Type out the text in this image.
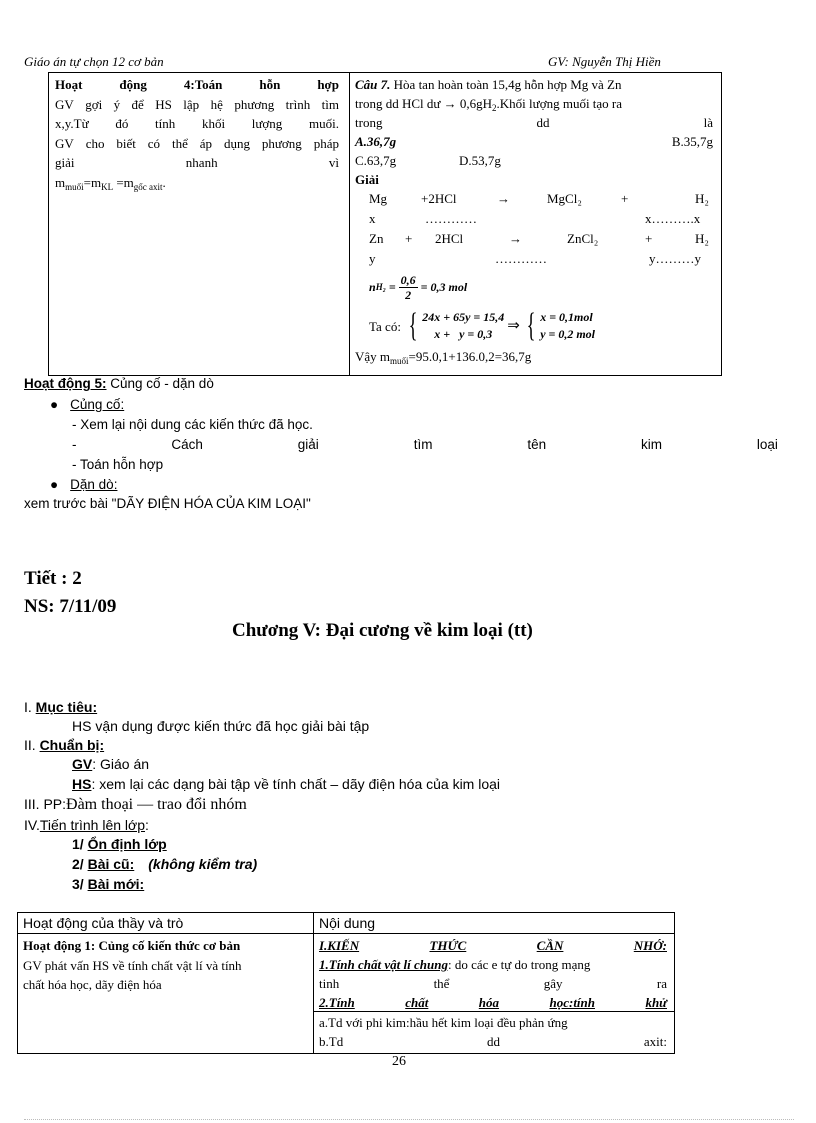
Giáo án tự chọn 12 cơ bản	GV: Nguyễn Thị Hiền
Hoạt	động	4:Toán	hỗn	hợp
GV gợi ý để HS lập hệ phương trình tìm
x,y.Từ đó tính khối lượng muối.
GV cho biết có thể áp dụng phương pháp
giải	nhanh	vì
$m_{muối}=m_{KL} =m_{gốc axit}$.
Câu 7. Hòa tan hoàn toàn 15,4g hỗn hợp Mg và Zn
trong dd HCl dư → $0,6gH_2.Khối$ lượng muối tạo ra
trong	dd	là
A.36,7g	B.35,7g
C.63,7g	D.53,7g
Giải
Mg	+2HCl	→	MgCl₂	+	H₂
x	…………	x……….x
Zn + 2HCl	→	ZnCl₂	+	H₂
y	…………	y………y
n $H_2 = \frac{0,6}{2} = 0,3$ mol
Ta có: { 24x + 65y = 15,4
x +   y = 0,3
⇒ { x = 0,1mol
y = 0,2 mol
Vậy $m_{muối}=95.0,1+136.0,2=36,7g$
Hoạt động 5: Củng cố - dặn dò
● Củng cố:
- Xem lại nội dung các kiến thức đã học.
-	Cách	giải	tìm	tên	kim	loại
- Toán hỗn hợp
● Dặn dò:
xem trước bài "DÃY ĐIỆN HÓA CỦA KIM LOẠI"
Tiết : 2
NS: 7/11/09
Chương V: Đại cương về kim loại (tt)
I. Mục tiêu:
HS vận dụng được kiến thức đã học giải bài tập
II. Chuẩn bị:
GV: Giáo án
HS: xem lại các dạng bài tập về tính chất – dãy điện hóa của kim loại
III. PP:Đàm thoại — trao đổi nhóm
IV.Tiến trình lên lớp:
1/ Ổn định lớp
2/ Bài cũ: (không kiểm tra)
3/ Bài mới:
Hoạt động của thầy và trò	Nội dung
Hoạt động 1: Củng cố kiến thức cơ bản
GV phát vấn HS về tính chất vật lí và tính
chất hóa học, dãy điện hóa
I.KIẾN	THỨC	CẦN	NHỚ:
1.Tính chất vật lí chung: do các e tự do trong mạng
tinh	thể	gây	ra
2.Tính	chất	hóa	học:tính	khử
a.Td với phi kim:hầu hết kim loại đều phản ứng
b.Td	dd	axit:
26
